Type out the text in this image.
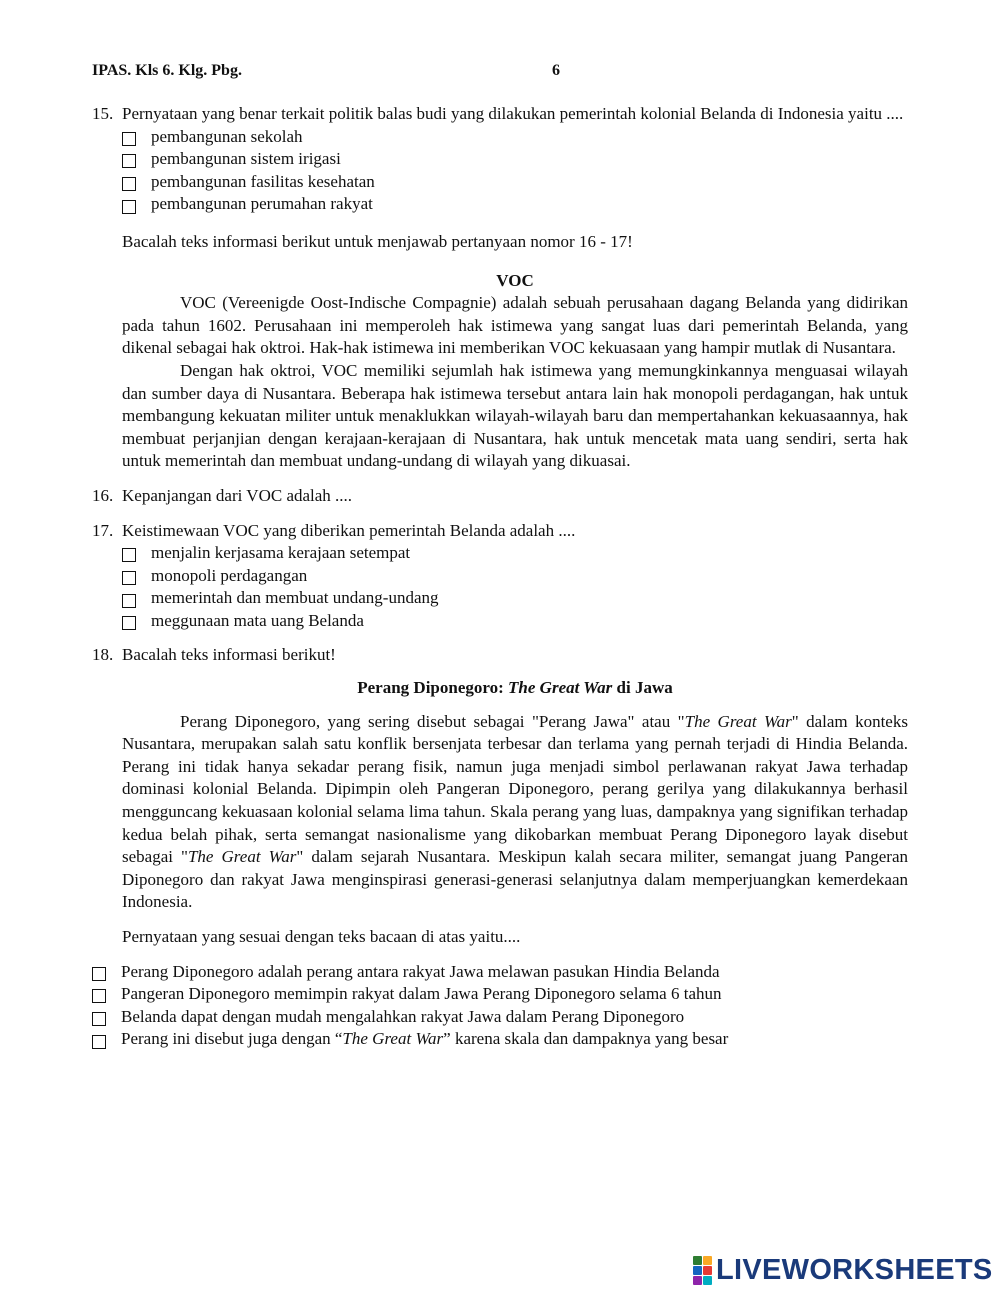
IPAS. Kls 6. Klg. Pbg.	6
15. Pernyataan yang benar terkait politik balas budi yang dilakukan pemerintah kolonial Belanda di Indonesia yaitu ....
pembangunan sekolah
pembangunan sistem irigasi
pembangunan fasilitas kesehatan
pembangunan perumahan rakyat
Bacalah teks informasi berikut untuk menjawab pertanyaan nomor 16 - 17!
VOC
VOC (Vereenigde Oost-Indische Compagnie) adalah sebuah perusahaan dagang Belanda yang didirikan pada tahun 1602. Perusahaan ini memperoleh hak istimewa yang sangat luas dari pemerintah Belanda, yang dikenal sebagai hak oktroi. Hak-hak istimewa ini memberikan VOC kekuasaan yang hampir mutlak di Nusantara.
Dengan hak oktroi, VOC memiliki sejumlah hak istimewa yang memungkinkannya menguasai wilayah dan sumber daya di Nusantara. Beberapa hak istimewa tersebut antara lain hak monopoli perdagangan, hak untuk membangung kekuatan militer untuk menaklukkan wilayah-wilayah baru dan mempertahankan kekuasaannya, hak membuat perjanjian dengan kerajaan-kerajaan di Nusantara, hak untuk mencetak mata uang sendiri, serta hak untuk memerintah dan membuat undang-undang di wilayah yang dikuasai.
16. Kepanjangan dari VOC adalah ....
17. Keistimewaan VOC yang diberikan pemerintah Belanda adalah ....
menjalin kerjasama kerajaan setempat
monopoli perdagangan
memerintah dan membuat undang-undang
meggunaan mata uang Belanda
18. Bacalah teks informasi berikut!
Perang Diponegoro: The Great War di Jawa
Perang Diponegoro, yang sering disebut sebagai "Perang Jawa" atau "The Great War" dalam konteks Nusantara, merupakan salah satu konflik bersenjata terbesar dan terlama yang pernah terjadi di Hindia Belanda. Perang ini tidak hanya sekadar perang fisik, namun juga menjadi simbol perlawanan rakyat Jawa terhadap dominasi kolonial Belanda. Dipimpin oleh Pangeran Diponegoro, perang gerilya yang dilakukannya berhasil mengguncang kekuasaan kolonial selama lima tahun. Skala perang yang luas, dampaknya yang signifikan terhadap kedua belah pihak, serta semangat nasionalisme yang dikobarkan membuat Perang Diponegoro layak disebut sebagai "The Great War" dalam sejarah Nusantara. Meskipun kalah secara militer, semangat juang Pangeran Diponegoro dan rakyat Jawa menginspirasi generasi-generasi selanjutnya dalam memperjuangkan kemerdekaan Indonesia.
Pernyataan yang sesuai dengan teks bacaan di atas yaitu....
Perang Diponegoro adalah perang antara rakyat Jawa melawan pasukan Hindia Belanda
Pangeran Diponegoro memimpin rakyat dalam Jawa Perang Diponegoro selama 6 tahun
Belanda dapat dengan mudah mengalahkan rakyat Jawa dalam Perang Diponegoro
Perang ini disebut juga dengan “The Great War” karena skala dan dampaknya yang besar
LIVEWORKSHEETS
